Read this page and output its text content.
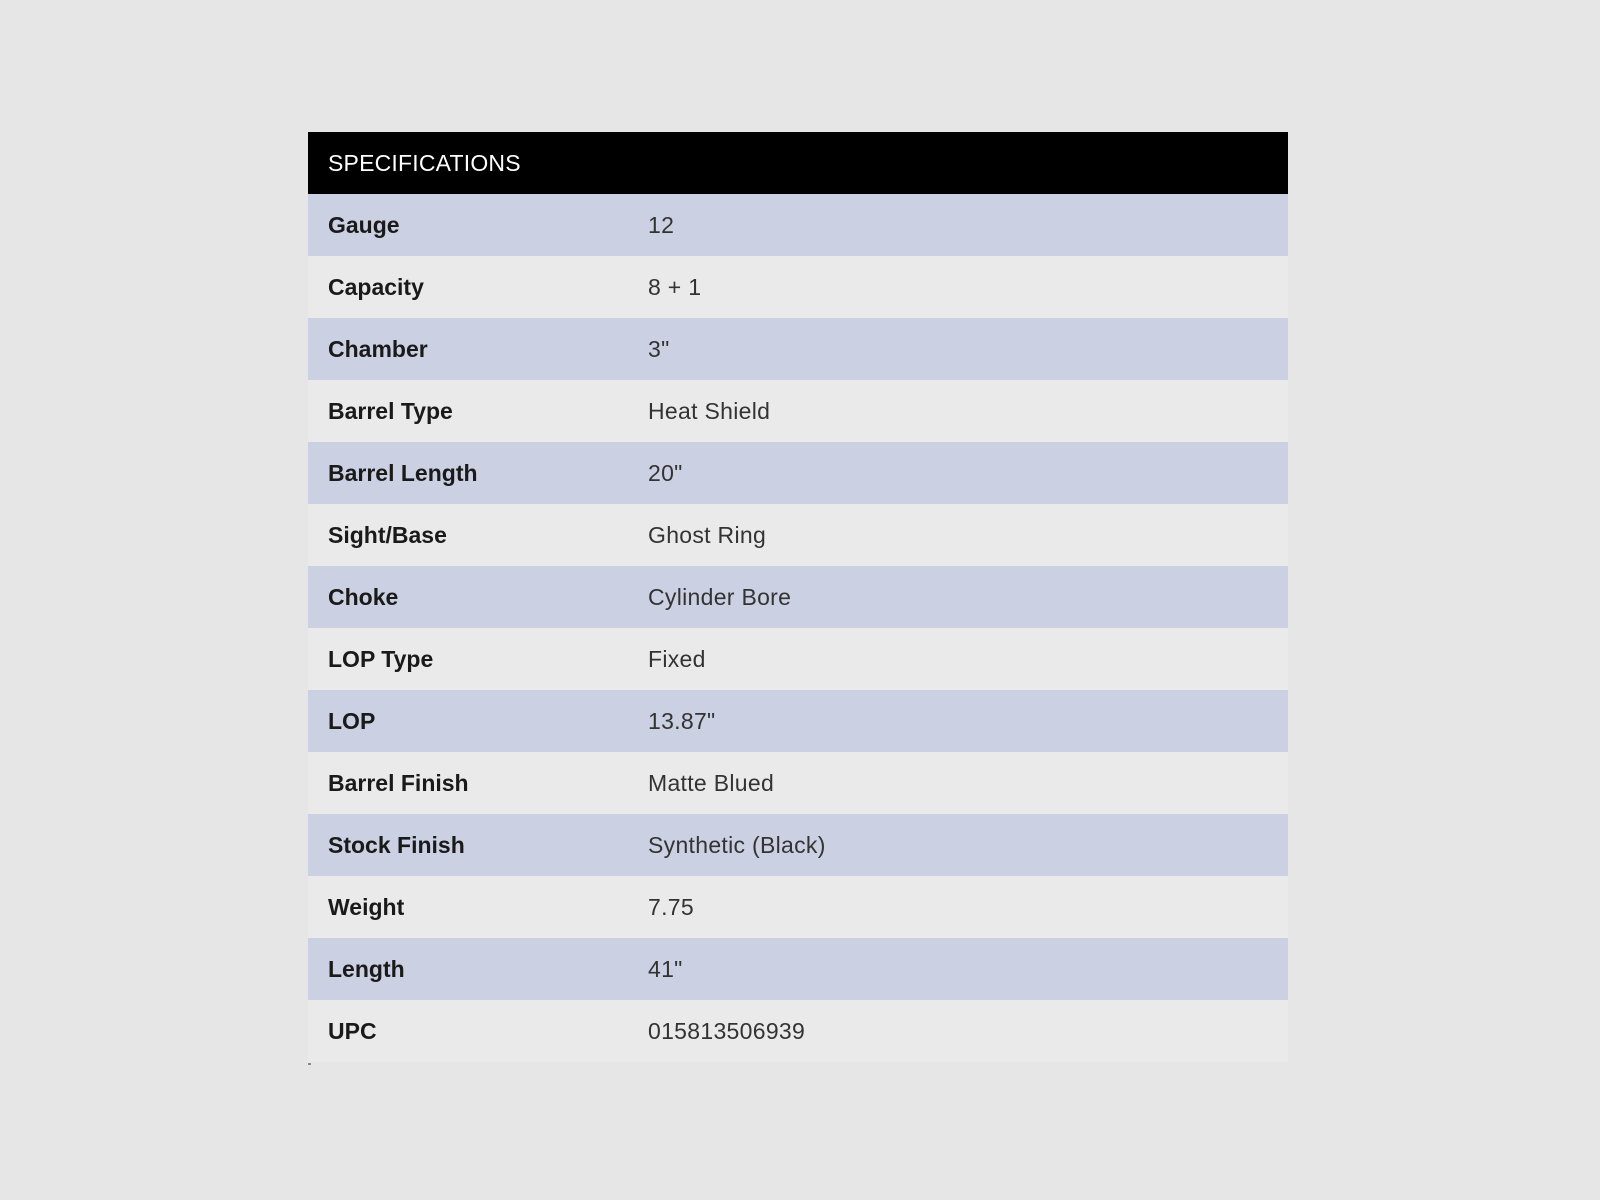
SPECIFICATIONS
Gauge	12
Capacity	8 + 1
Chamber	3"
Barrel Type	Heat Shield
Barrel Length	20"
Sight/Base	Ghost Ring
Choke	Cylinder Bore
LOP Type	Fixed
LOP	13.87"
Barrel Finish	Matte Blued
Stock Finish	Synthetic (Black)
Weight	7.75
Length	41"
UPC	015813506939
